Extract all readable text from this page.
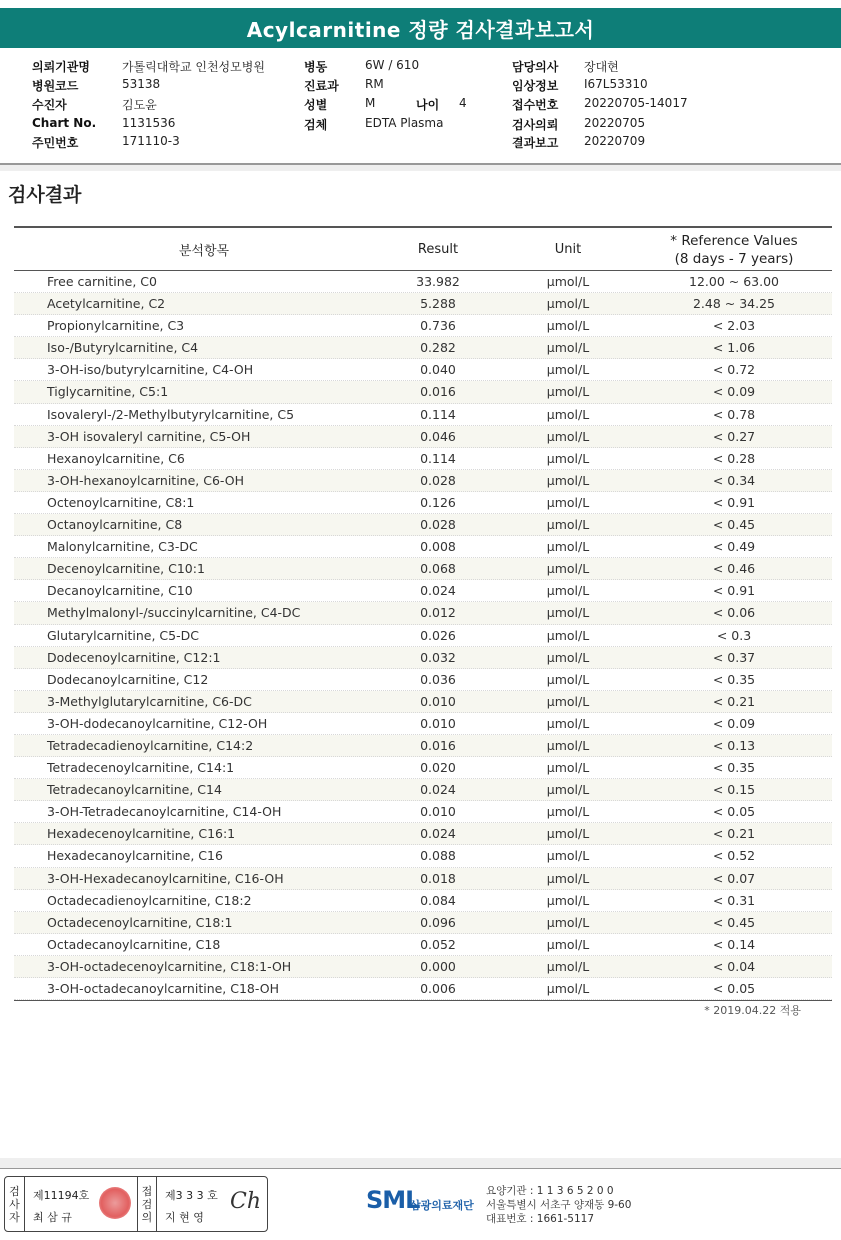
Acylcarnitine 정량 검사결과보고서
의뢰기관명	가톨릭대학교 인천성모병원
병원코드	53138
수진자	김도윤
Chart No. 1131536
주민번호	171110-3
병동	6W / 610
진료과 RM
성별	M	나이 4
검체	EDTA Plasma
담당의사 장대현
임상정보 I67L53310
접수번호 20220705-14017
검사의뢰 20220705
결과보고 20220709
검사결과
분석항목	Result	Unit
* Reference Values
(8 days - 7 years)
Free carnitine, C0	33.982	μmol/L	12.00 ~ 63.00
Acetylcarnitine, C2	5.288	μmol/L	2.48 ~ 34.25
Propionylcarnitine, C3	0.736	μmol/L	< 2.03
Iso-/Butyrylcarnitine, C4	0.282	μmol/L	< 1.06
3-OH-iso/butyrylcarnitine, C4-OH	0.040	μmol/L	< 0.72
Tiglycarnitine, C5:1	0.016	μmol/L	< 0.09
Isovaleryl-/2-Methylbutyrylcarnitine, C5	0.114	μmol/L	< 0.78
3-OH isovaleryl carnitine, C5-OH	0.046	μmol/L	< 0.27
Hexanoylcarnitine, C6	0.114	μmol/L	< 0.28
3-OH-hexanoylcarnitine, C6-OH	0.028	μmol/L	< 0.34
Octenoylcarnitine, C8:1	0.126	μmol/L	< 0.91
Octanoylcarnitine, C8	0.028	μmol/L	< 0.45
Malonylcarnitine, C3-DC	0.008	μmol/L	< 0.49
Decenoylcarnitine, C10:1	0.068	μmol/L	< 0.46
Decanoylcarnitine, C10	0.024	μmol/L	< 0.91
Methylmalonyl-/succinylcarnitine, C4-DC	0.012	μmol/L	< 0.06
Glutarylcarnitine, C5-DC	0.026	μmol/L	< 0.3
Dodecenoylcarnitine, C12:1	0.032	μmol/L	< 0.37
Dodecanoylcarnitine, C12	0.036	μmol/L	< 0.35
3-Methylglutarylcarnitine, C6-DC	0.010	μmol/L	< 0.21
3-OH-dodecanoylcarnitine, C12-OH	0.010	μmol/L	< 0.09
Tetradecadienoylcarnitine, C14:2	0.016	μmol/L	< 0.13
Tetradecenoylcarnitine, C14:1	0.020	μmol/L	< 0.35
Tetradecanoylcarnitine, C14	0.024	μmol/L	< 0.15
3-OH-Tetradecanoylcarnitine, C14-OH	0.010	μmol/L	< 0.05
Hexadecenoylcarnitine, C16:1	0.024	μmol/L	< 0.21
Hexadecanoylcarnitine, C16	0.088	μmol/L	< 0.52
3-OH-Hexadecanoylcarnitine, C16-OH	0.018	μmol/L	< 0.07
Octadecadienoylcarnitine, C18:2	0.084	μmol/L	< 0.31
Octadecenoylcarnitine, C18:1	0.096	μmol/L	< 0.45
Octadecanoylcarnitine, C18	0.052	μmol/L	< 0.14
3-OH-octadecenoylcarnitine, C18:1-OH	0.000	μmol/L	< 0.04
3-OH-octadecanoylcarnitine, C18-OH	0.006	μmol/L	< 0.05
* 2019.04.22 적용
검
사
자
제11194호
최 삼 규
접
검
의
제3 3 3 호
지 현 영
Ch	SML
삼광의료재단
요양기관 : 1 1 3 6 5 2 0 0
서울특별시 서초구 양재동 9-60
대표번호 : 1661-5117
